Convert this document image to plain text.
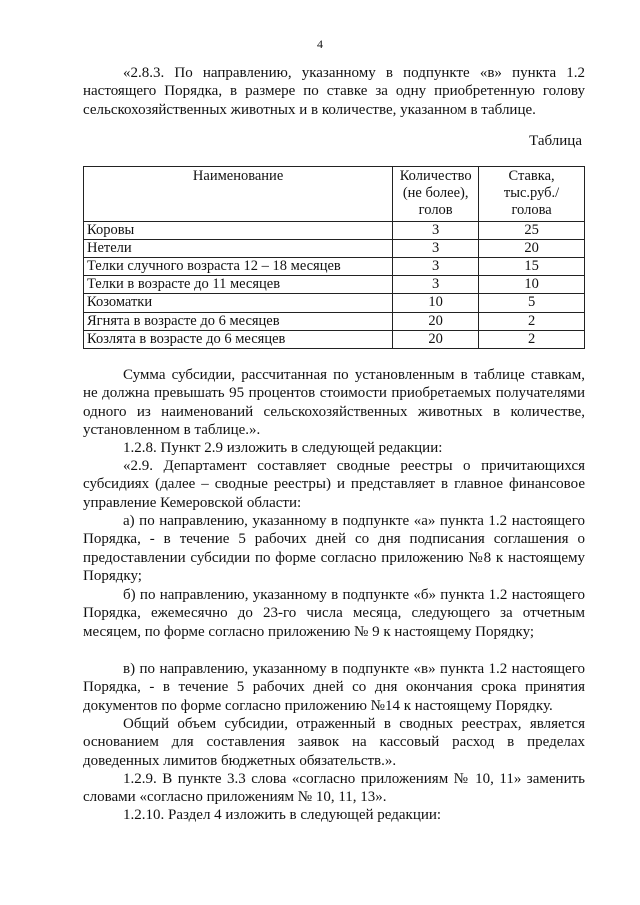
4

«2.8.3. По направлению, указанному в подпункте «в» пункта 1.2 настоящего Порядка, в размере по ставке за одну приобретенную голову сельскохозяйственных животных и в количестве, указанном в таблице.

Таблица
Наименование	Количество (не более), голов	Ставка, тыс.руб./ голова
Коровы	3	25
Нетели	3	20
Телки случного возраста 12 – 18 месяцев	3	15
Телки в возрасте до 11 месяцев	3	10
Козоматки	10	5
Ягнята в возрасте до 6 месяцев	20	2
Козлята в возрасте до 6 месяцев	20	2

Сумма субсидии, рассчитанная по установленным в таблице ставкам, не должна превышать 95 процентов стоимости приобретаемых получателями одного из наименований сельскохозяйственных животных в количестве, установленном в таблице.».

1.2.8. Пункт 2.9 изложить в следующей редакции:

«2.9. Департамент составляет сводные реестры о причитающихся субсидиях (далее – сводные реестры) и представляет в главное финансовое управление Кемеровской области:

а) по направлению, указанному в подпункте «а» пункта 1.2 настоящего Порядка, - в течение 5 рабочих дней со дня подписания соглашения о предоставлении субсидии по форме согласно приложению №8 к настоящему Порядку;

б) по направлению, указанному в подпункте «б» пункта 1.2 настоящего Порядка, ежемесячно до 23-го числа месяца, следующего за отчетным месяцем, по форме согласно приложению № 9 к настоящему Порядку;

в) по направлению, указанному в подпункте «в» пункта 1.2 настоящего Порядка, - в течение 5 рабочих дней со дня окончания срока принятия документов по форме согласно приложению №14 к настоящему Порядку.

Общий объем субсидии, отраженный в сводных реестрах, является основанием для составления заявок на кассовый расход в пределах доведенных лимитов бюджетных обязательств.».

1.2.9. В пункте 3.3 слова «согласно приложениям № 10, 11» заменить словами «согласно приложениям № 10, 11, 13».

1.2.10. Раздел 4 изложить в следующей редакции:
